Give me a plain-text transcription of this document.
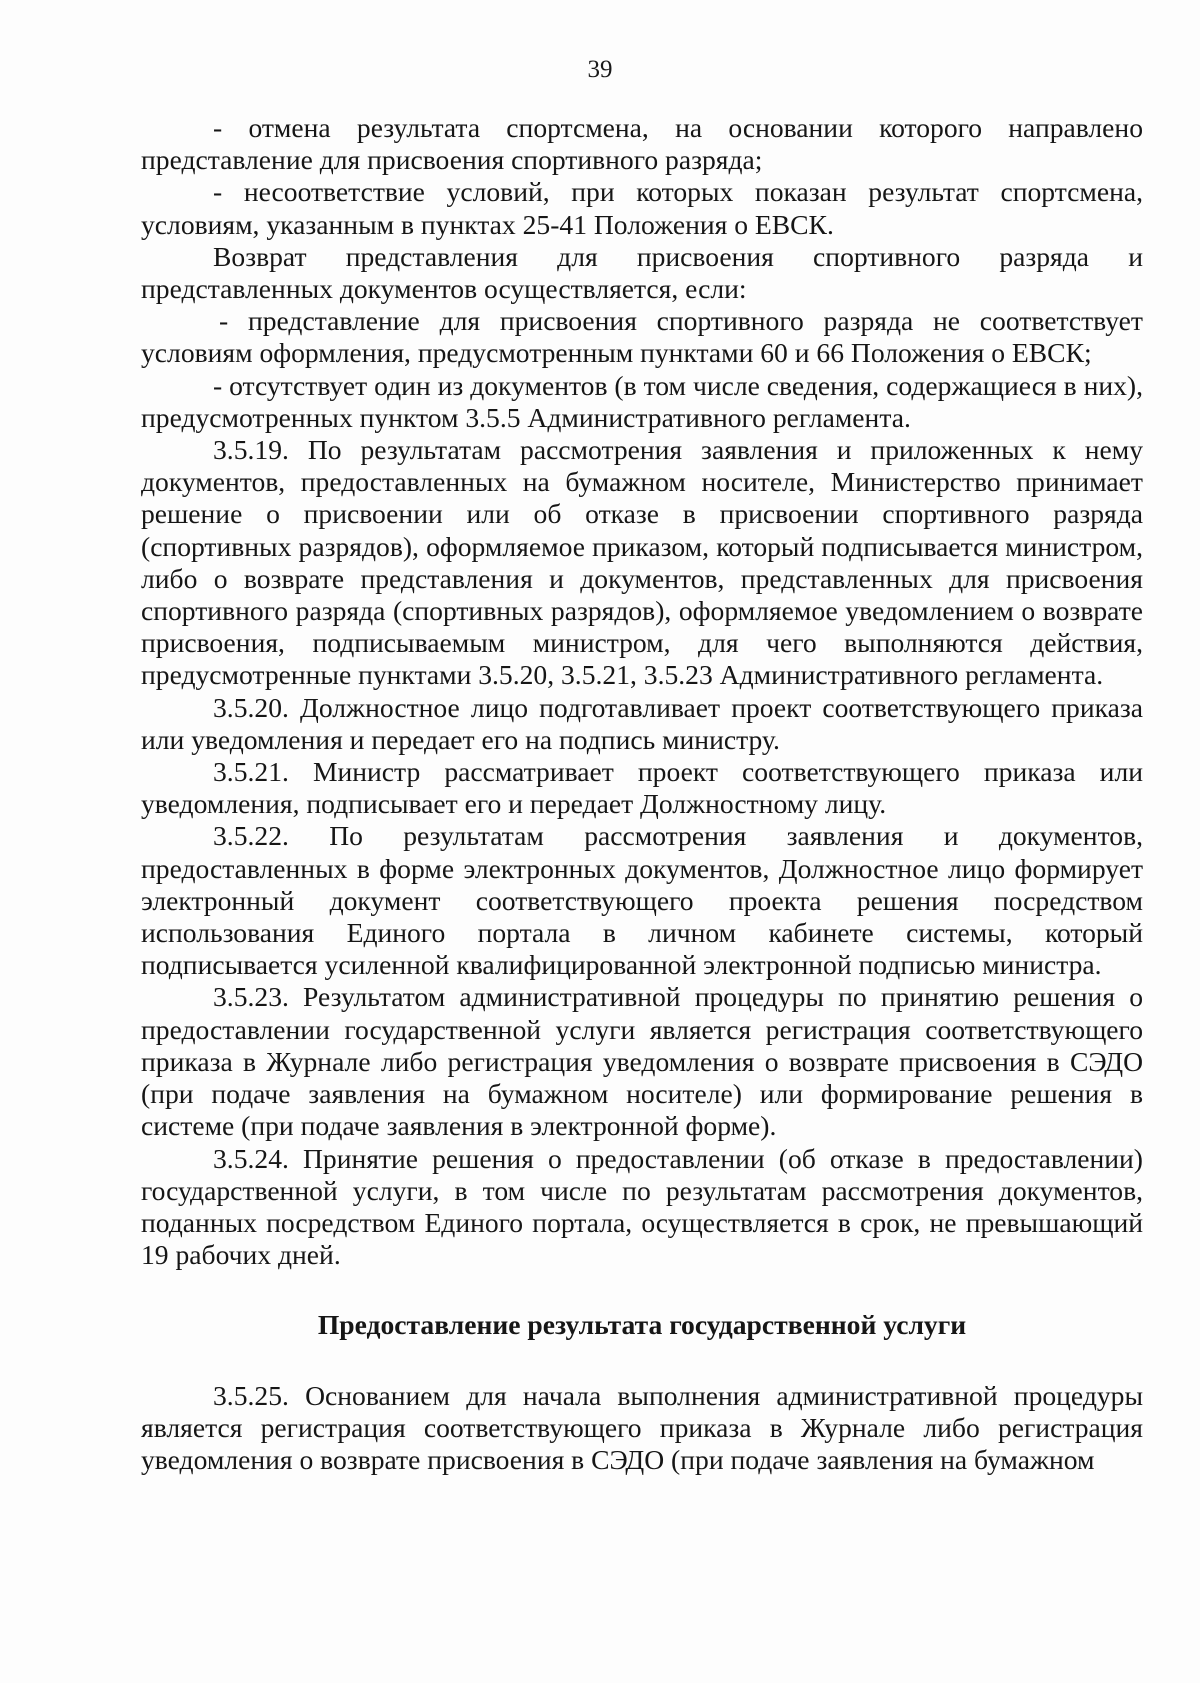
39

- отмена результата спортсмена, на основании которого направлено представление для присвоения спортивного разряда;

- несоответствие условий, при которых показан результат спортсмена, условиям, указанным в пунктах 25-41 Положения о ЕВСК.

Возврат представления для присвоения спортивного разряда и представленных документов осуществляется, если:

- представление для присвоения спортивного разряда не соответствует условиям оформления, предусмотренным пунктами 60 и 66 Положения о ЕВСК;

- отсутствует один из документов (в том числе сведения, содержащиеся в них), предусмотренных пунктом 3.5.5 Административного регламента.

3.5.19. По результатам рассмотрения заявления и приложенных к нему документов, предоставленных на бумажном носителе, Министерство принимает решение о присвоении или об отказе в присвоении спортивного разряда (спортивных разрядов), оформляемое приказом, который подписывается министром, либо о возврате представления и документов, представленных для присвоения спортивного разряда (спортивных разрядов), оформляемое уведомлением о возврате присвоения, подписываемым министром, для чего выполняются действия, предусмотренные пунктами 3.5.20, 3.5.21, 3.5.23 Административного регламента.

3.5.20. Должностное лицо подготавливает проект соответствующего приказа или уведомления и передает его на подпись министру.

3.5.21. Министр рассматривает проект соответствующего приказа или уведомления, подписывает его и передает Должностному лицу.

3.5.22. По результатам рассмотрения заявления и документов, предоставленных в форме электронных документов, Должностное лицо формирует электронный документ соответствующего проекта решения посредством использования Единого портала в личном кабинете системы, который подписывается усиленной квалифицированной электронной подписью министра.

3.5.23. Результатом административной процедуры по принятию решения о предоставлении государственной услуги является регистрация соответствующего приказа в Журнале либо регистрация уведомления о возврате присвоения в СЭДО (при подаче заявления на бумажном носителе) или формирование решения в системе (при подаче заявления в электронной форме).

3.5.24. Принятие решения о предоставлении (об отказе в предоставлении) государственной услуги, в том числе по результатам рассмотрения документов, поданных посредством Единого портала, осуществляется в срок, не превышающий 19 рабочих дней.

Предоставление результата государственной услуги

3.5.25. Основанием для начала выполнения административной процедуры является регистрация соответствующего приказа в Журнале либо регистрация уведомления о возврате присвоения в СЭДО (при подаче заявления на бумажном
